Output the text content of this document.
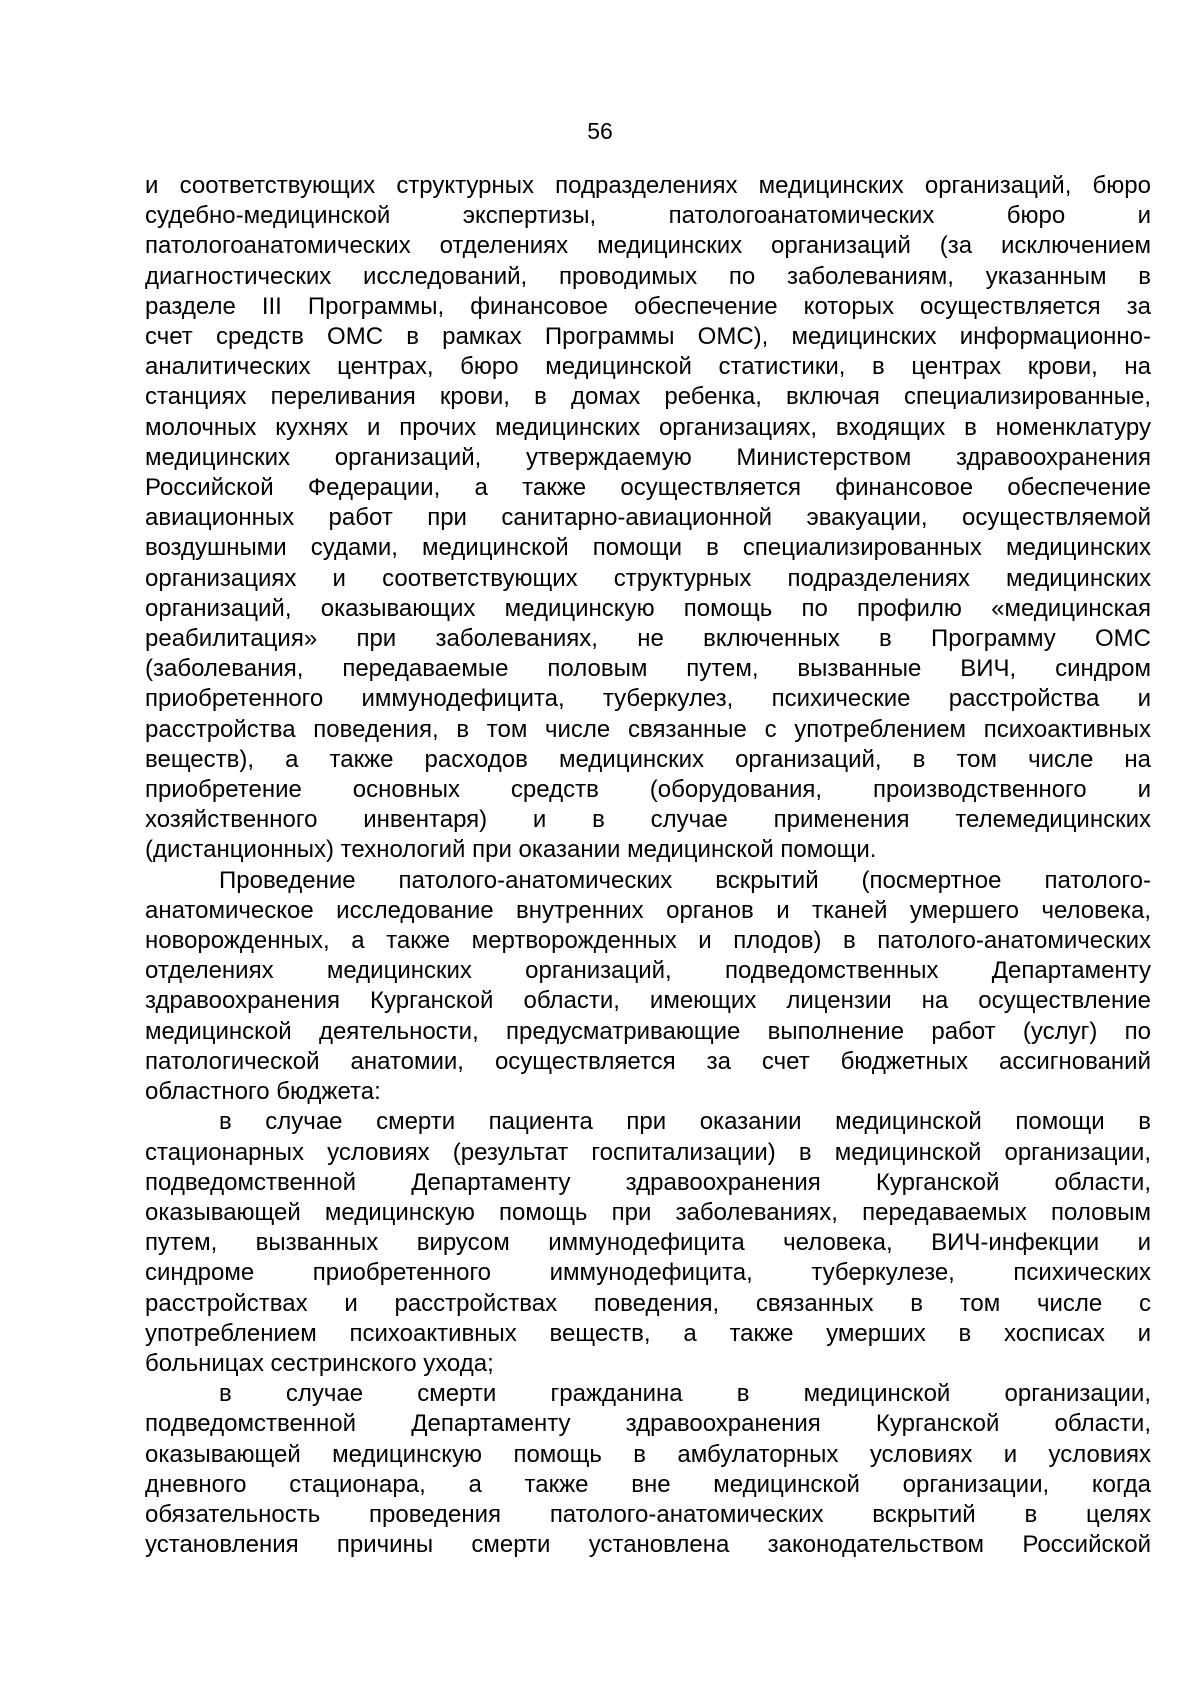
56
и соответствующих структурных подразделениях медицинских организаций, бюро
судебно-медицинской экспертизы, патологоанатомических бюро и
патологоанатомических отделениях медицинских организаций (за исключением
диагностических исследований, проводимых по заболеваниям, указанным в
разделе III Программы, финансовое обеспечение которых осуществляется за
счет средств ОМС в рамках Программы ОМС), медицинских информационно-
аналитических центрах, бюро медицинской статистики, в центрах крови, на
станциях переливания крови, в домах ребенка, включая специализированные,
молочных кухнях и прочих медицинских организациях, входящих в номенклатуру
медицинских организаций, утверждаемую Министерством здравоохранения
Российской Федерации, а также осуществляется финансовое обеспечение
авиационных работ при санитарно-авиационной эвакуации, осуществляемой
воздушными судами, медицинской помощи в специализированных медицинских
организациях и соответствующих структурных подразделениях медицинских
организаций, оказывающих медицинскую помощь по профилю «медицинская
реабилитация» при заболеваниях, не включенных в Программу ОМС
(заболевания, передаваемые половым путем, вызванные ВИЧ, синдром
приобретенного иммунодефицита, туберкулез, психические расстройства и
расстройства поведения, в том числе связанные с употреблением психоактивных
веществ), а также расходов медицинских организаций, в том числе на
приобретение основных средств (оборудования, производственного и
хозяйственного инвентаря) и в случае применения телемедицинских
(дистанционных) технологий при оказании медицинской помощи.
Проведение патолого-анатомических вскрытий (посмертное патолого-
анатомическое исследование внутренних органов и тканей умершего человека,
новорожденных, а также мертворожденных и плодов) в патолого-анатомических
отделениях медицинских организаций, подведомственных Департаменту
здравоохранения Курганской области, имеющих лицензии на осуществление
медицинской деятельности, предусматривающие выполнение работ (услуг) по
патологической анатомии, осуществляется за счет бюджетных ассигнований
областного бюджета:
в случае смерти пациента при оказании медицинской помощи в
стационарных условиях (результат госпитализации) в медицинской организации,
подведомственной Департаменту здравоохранения Курганской области,
оказывающей медицинскую помощь при заболеваниях, передаваемых половым
путем, вызванных вирусом иммунодефицита человека, ВИЧ-инфекции и
синдроме приобретенного иммунодефицита, туберкулезе, психических
расстройствах и расстройствах поведения, связанных в том числе с
употреблением психоактивных веществ, а также умерших в хосписах и
больницах сестринского ухода;
в случае смерти гражданина в медицинской организации,
подведомственной Департаменту здравоохранения Курганской области,
оказывающей медицинскую помощь в амбулаторных условиях и условиях
дневного стационара, а также вне медицинской организации, когда
обязательность проведения патолого-анатомических вскрытий в целях
установления причины смерти установлена законодательством Российской
